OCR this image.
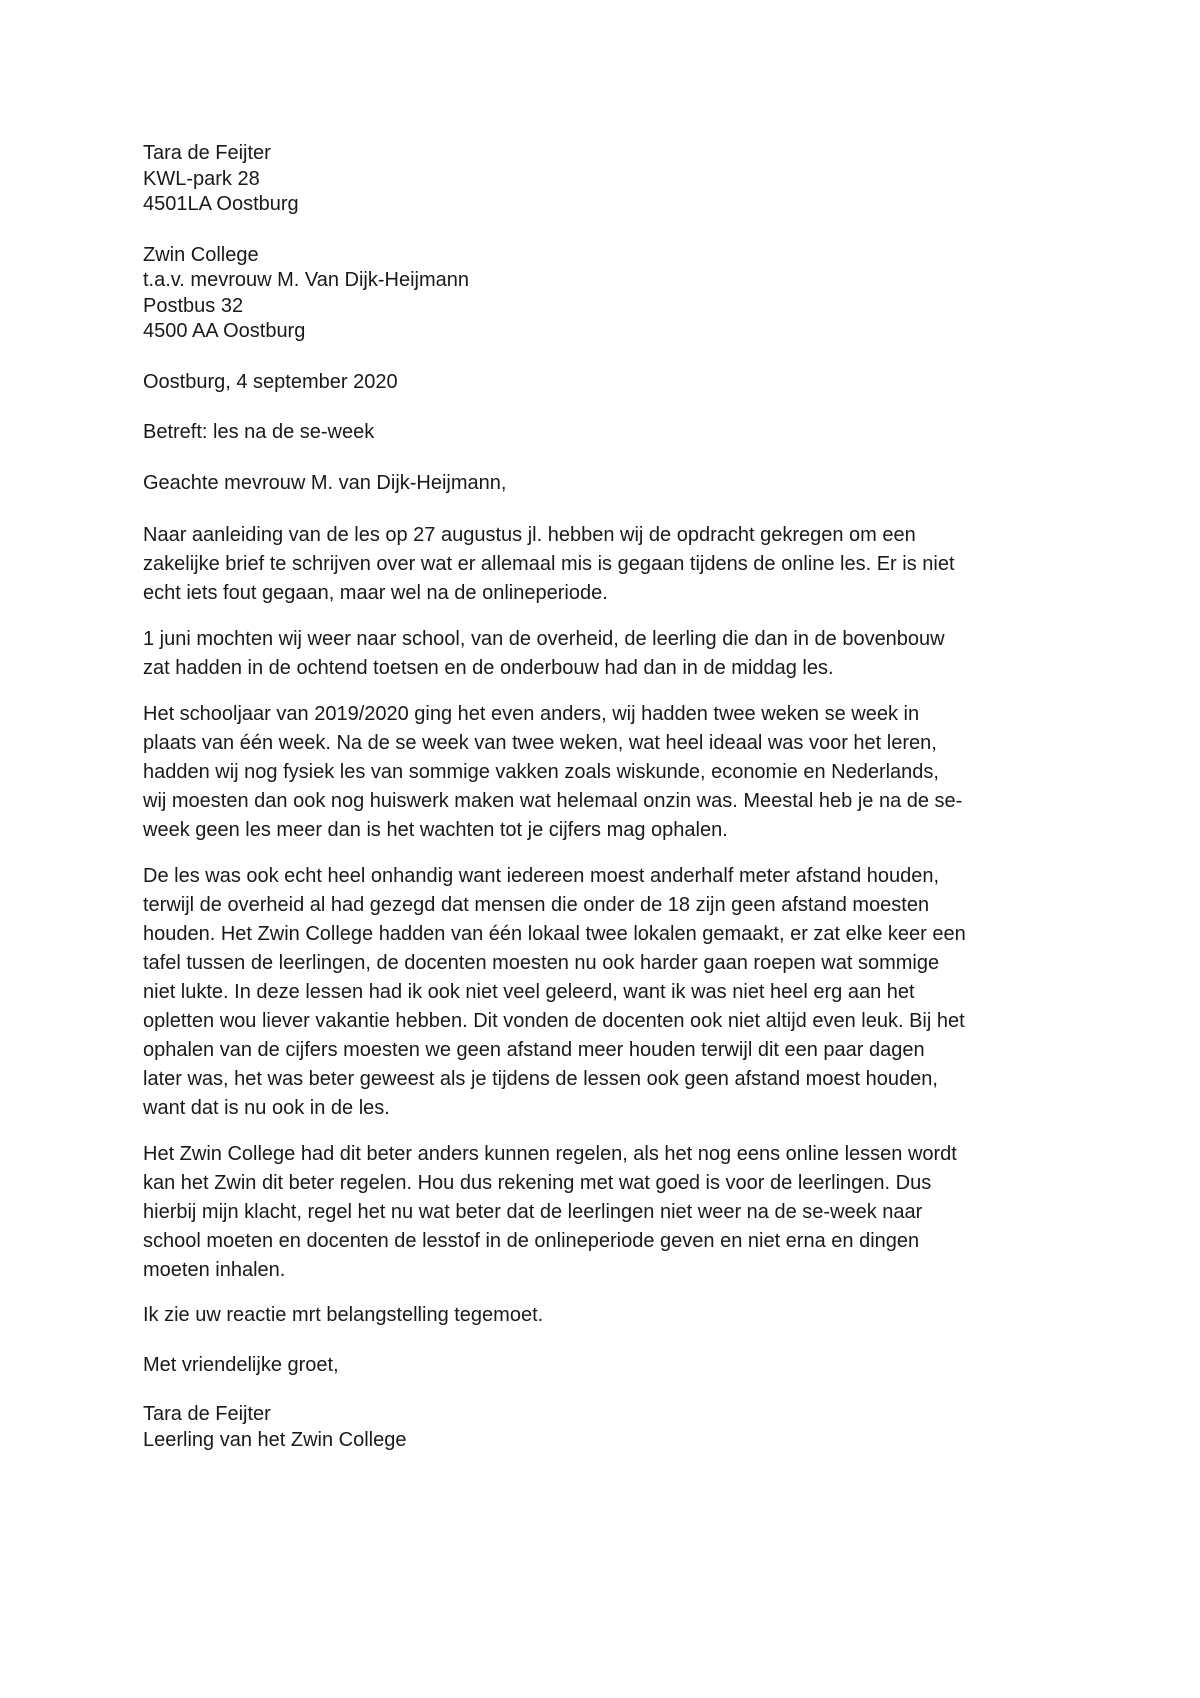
Tara de Feijter
KWL-park 28
4501LA Oostburg
Zwin College
t.a.v. mevrouw M. Van Dijk-Heijmann
Postbus 32
4500 AA Oostburg
Oostburg, 4 september 2020
Betreft: les na de se-week
Geachte mevrouw M. van Dijk-Heijmann,

Naar aanleiding van de les op 27 augustus jl. hebben wij de opdracht gekregen om een
zakelijke brief te schrijven over wat er allemaal mis is gegaan tijdens de online les. Er is niet
echt iets fout gegaan, maar wel na de onlineperiode.

1 juni mochten wij weer naar school, van de overheid, de leerling die dan in de bovenbouw
zat hadden in de ochtend toetsen en de onderbouw had dan in de middag les.

Het schooljaar van 2019/2020 ging het even anders, wij hadden twee weken se week in
plaats van één week. Na de se week van twee weken, wat heel ideaal was voor het leren,
hadden wij nog fysiek les van sommige vakken zoals wiskunde, economie en Nederlands,
wij moesten dan ook nog huiswerk maken wat helemaal onzin was. Meestal heb je na de se-
week geen les meer dan is het wachten tot je cijfers mag ophalen.

De les was ook echt heel onhandig want iedereen moest anderhalf meter afstand houden,
terwijl de overheid al had gezegd dat mensen die onder de 18 zijn geen afstand moesten
houden. Het Zwin College hadden van één lokaal twee lokalen gemaakt, er zat elke keer een
tafel tussen de leerlingen, de docenten moesten nu ook harder gaan roepen wat sommige
niet lukte. In deze lessen had ik ook niet veel geleerd, want ik was niet heel erg aan het
opletten wou liever vakantie hebben. Dit vonden de docenten ook niet altijd even leuk. Bij het
ophalen van de cijfers moesten we geen afstand meer houden terwijl dit een paar dagen
later was, het was beter geweest als je tijdens de lessen ook geen afstand moest houden,
want dat is nu ook in de les.

Het Zwin College had dit beter anders kunnen regelen, als het nog eens online lessen wordt
kan het Zwin dit beter regelen. Hou dus rekening met wat goed is voor de leerlingen. Dus
hierbij mijn klacht, regel het nu wat beter dat de leerlingen niet weer na de se-week naar
school moeten en docenten de lesstof in de onlineperiode geven en niet erna en dingen
moeten inhalen.

Ik zie uw reactie mrt belangstelling tegemoet.

Met vriendelijke groet,

Tara de Feijter
Leerling van het Zwin College
